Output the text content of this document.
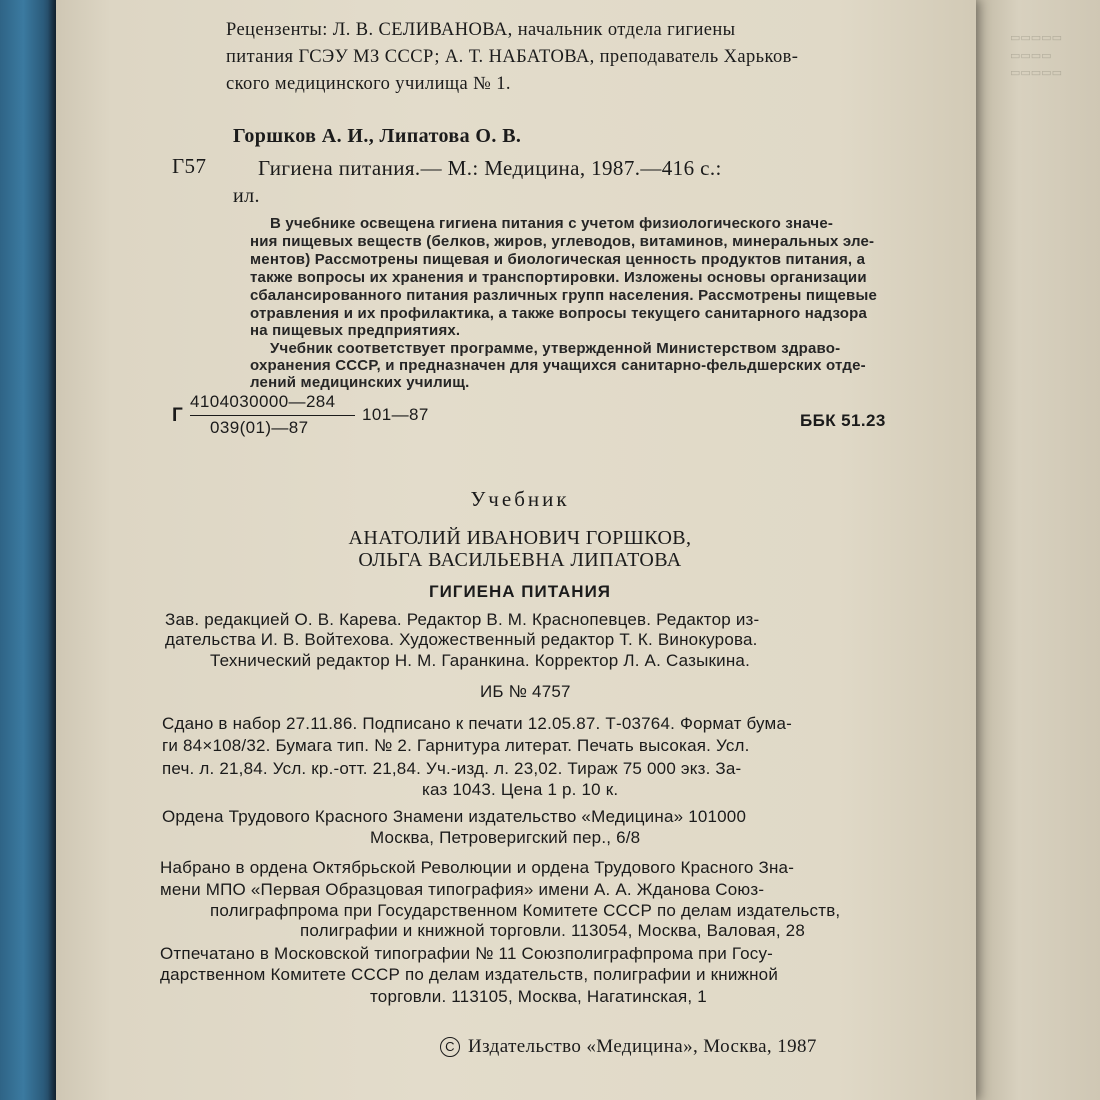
▭▭▭▭▭
▭▭▭▭
▭▭▭▭▭
Рецензенты: Л. В. СЕЛИВАНОВА, начальник отдела гигиены
питания ГСЭУ МЗ СССР; А. Т. НАБАТОВА, преподаватель Харьков-
ского медицинского училища № 1.
Горшков А. И., Липатова О. В.
Г57 Гигиена питания.— М.: Медицина, 1987.—416 с.:
ил.
В учебнике освещена гигиена питания с учетом физиологического значе-
ния пищевых веществ (белков, жиров, углеводов, витаминов, минеральных эле-
ментов) Рассмотрены пищевая и биологическая ценность продуктов питания, а
также вопросы их хранения и транспортировки. Изложены основы организации
сбалансированного питания различных групп населения. Рассмотрены пищевые
отравления и их профилактика, а также вопросы текущего санитарного надзора
на пищевых предприятиях.
Учебник соответствует программе, утвержденной Министерством здраво-
охранения СССР, и предназначен для учащихся санитарно-фельдшерских отде-
лений медицинских училищ.
Г
4104030000—284
039(01)—87
101—87	ББК 51.23
Учебник
АНАТОЛИЙ ИВАНОВИЧ ГОРШКОВ,
ОЛЬГА ВАСИЛЬЕВНА ЛИПАТОВА
ГИГИЕНА ПИТАНИЯ
Зав. редакцией О. В. Карева. Редактор В. М. Краснопевцев. Редактор из-
дательства И. В. Войтехова. Художественный редактор Т. К. Винокурова.
Технический редактор Н. М. Гаранкина. Корректор Л. А. Сазыкина.
ИБ № 4757
Сдано в набор 27.11.86. Подписано к печати 12.05.87. Т-03764. Формат бума-
ги 84×108/32. Бумага тип. № 2. Гарнитура литерат. Печать высокая. Усл.
печ. л. 21,84. Усл. кр.-отт. 21,84. Уч.-изд. л. 23,02. Тираж 75 000 экз. За-
каз 1043. Цена 1 р. 10 к.
Ордена Трудового Красного Знамени издательство «Медицина» 101000
Москва, Петроверигский пер., 6/8
Набрано в ордена Октябрьской Революции и ордена Трудового Красного Зна-
мени МПО «Первая Образцовая типография» имени А. А. Жданова Союз-
полиграфпрома при Государственном Комитете СССР по делам издательств,
полиграфии и книжной торговли. 113054, Москва, Валовая, 28
Отпечатано в Московской типографии № 11 Союзполиграфпрома при Госу-
дарственном Комитете СССР по делам издательств, полиграфии и книжной
торговли. 113105, Москва, Нагатинская, 1
C Издательство «Медицина», Москва, 1987
